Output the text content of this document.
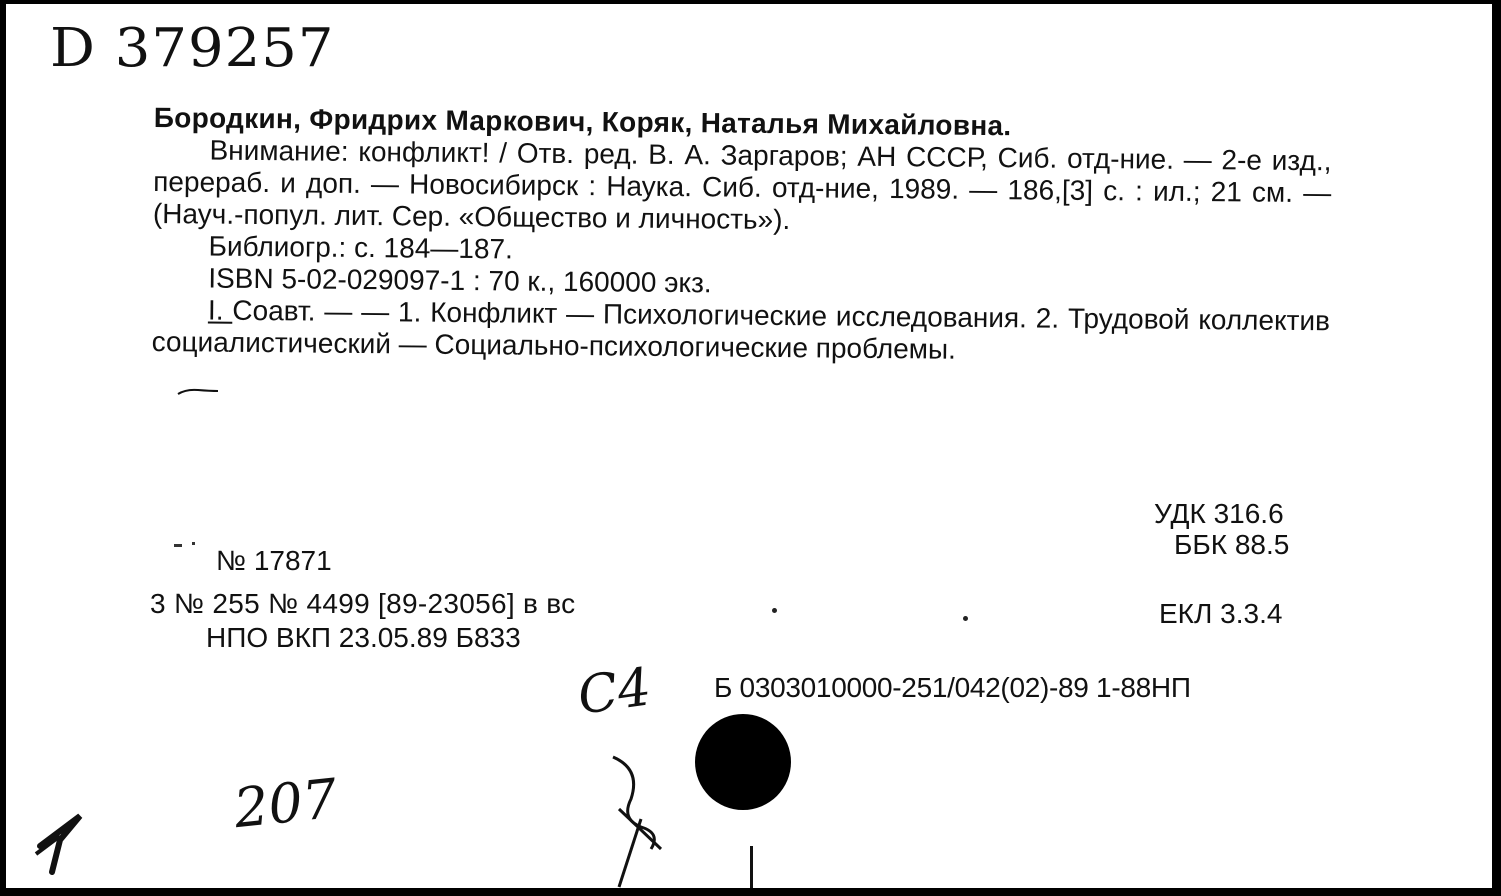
D 379257

Бородкин, Фридрих Маркович, Коряк, Наталья Михайловна.

Внимание: конфликт! / Отв. ред. В. А. Заргаров; АН СССР, Сиб. отд-ние. — 2-е изд., перераб. и доп. — Новосибирск : Наука. Сиб. отд-ние, 1989. — 186,[3] с. : ил.; 21 см. — (Науч.-попул. лит. Сер. «Общество и личность»).

Библиогр.: с. 184—187.

ISBN 5-02-029097-1 : 70 к., 160000 экз.

I. Соавт. — — 1. Конфликт — Психологические исследования. 2. Трудовой коллектив социалистический — Социально-психологические проблемы.

УДК 316.6
ББК 88.5
ЕКЛ 3.3.4
Б 0303010000-251/042(02)-89 1-88НП
№ 17871
3 № 255 № 4499 [89-23056] в вс
НПО ВКП 23.05.89 Б833
С4
207
